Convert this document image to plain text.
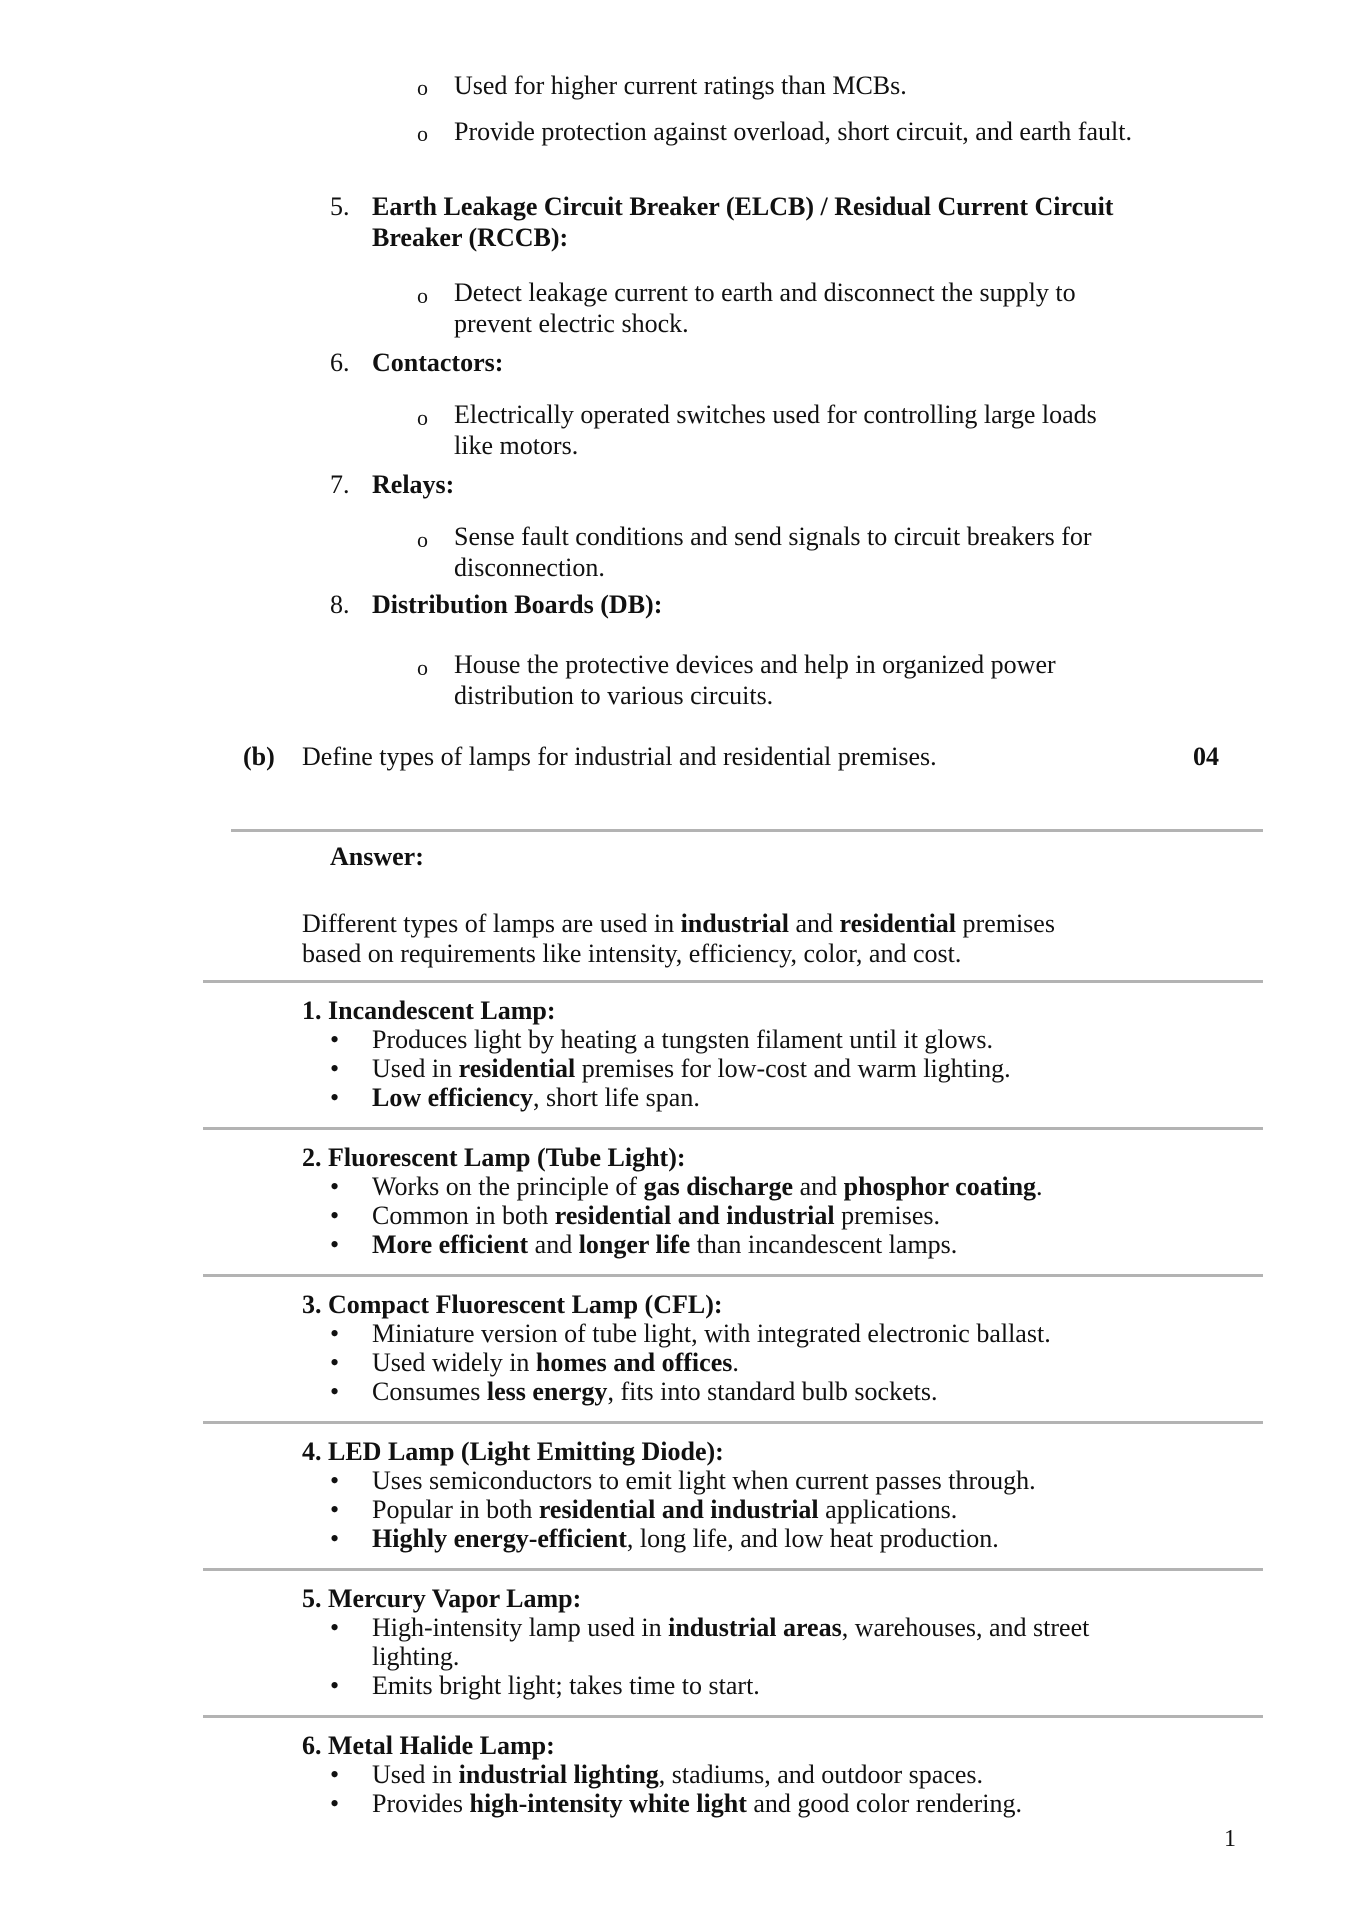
o Used for higher current ratings than MCBs.
o Provide protection against overload, short circuit, and earth fault.
5. Earth Leakage Circuit Breaker (ELCB) / Residual Current Circuit
Breaker (RCCB):
o Detect leakage current to earth and disconnect the supply to
prevent electric shock.
6. Contactors:
o Electrically operated switches used for controlling large loads
like motors.
7. Relays:
o Sense fault conditions and send signals to circuit breakers for
disconnection.
8. Distribution Boards (DB):
o House the protective devices and help in organized power
distribution to various circuits.
(b) Define types of lamps for industrial and residential premises.	04
Answer:
Different types of lamps are used in industrial and residential premises
based on requirements like intensity, efficiency, color, and cost.
1. Incandescent Lamp:
• Produces light by heating a tungsten filament until it glows.
• Used in residential premises for low-cost and warm lighting.
• Low efficiency, short life span.
2. Fluorescent Lamp (Tube Light):
• Works on the principle of gas discharge and phosphor coating.
• Common in both residential and industrial premises.
• More efficient and longer life than incandescent lamps.
3. Compact Fluorescent Lamp (CFL):
• Miniature version of tube light, with integrated electronic ballast.
• Used widely in homes and offices.
• Consumes less energy, fits into standard bulb sockets.
4. LED Lamp (Light Emitting Diode):
• Uses semiconductors to emit light when current passes through.
• Popular in both residential and industrial applications.
• Highly energy-efficient, long life, and low heat production.
5. Mercury Vapor Lamp:
• High-intensity lamp used in industrial areas, warehouses, and street
lighting.
• Emits bright light; takes time to start.
6. Metal Halide Lamp:
• Used in industrial lighting, stadiums, and outdoor spaces.
• Provides high-intensity white light and good color rendering.
1
